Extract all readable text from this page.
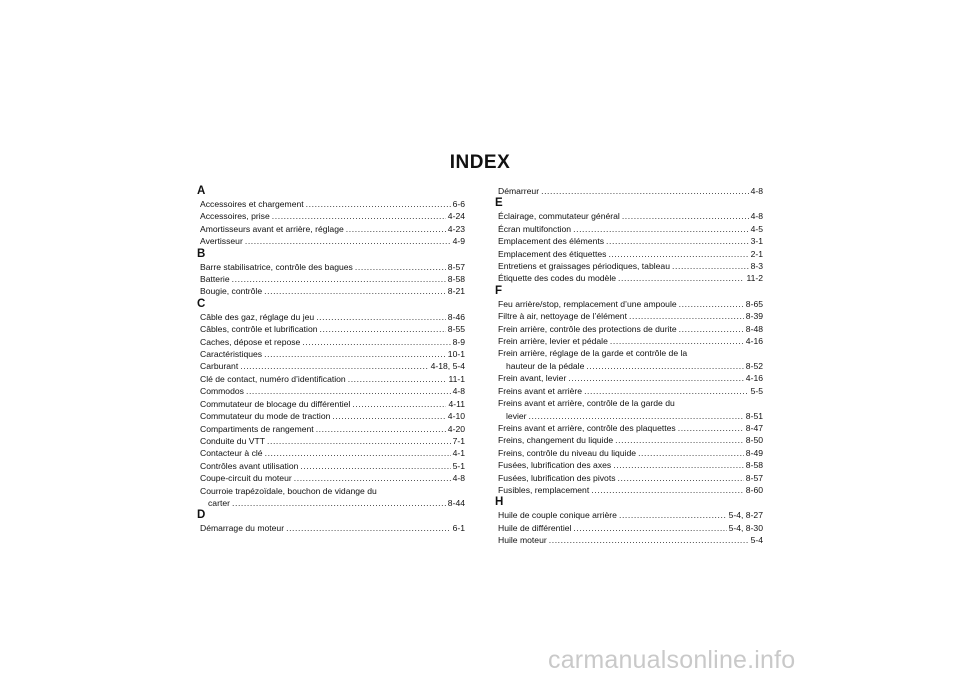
INDEX
A
Accessoires et chargement .....	6-6
Accessoires, prise .....	4-24
Amortisseurs avant et arrière, réglage .....	4-23
Avertisseur .....	4-9
B
Barre stabilisatrice, contrôle des bagues .....	8-57
Batterie .....	8-58
Bougie, contrôle .....	8-21
C
Câble des gaz, réglage du jeu .....	8-46
Câbles, contrôle et lubrification .....	8-55
Caches, dépose et repose .....	8-9
Caractéristiques .....	10-1
Carburant .....	4-18, 5-4
Clé de contact, numéro d’identification .....	11-1
Commodos .....	4-8
Commutateur de blocage du différentiel .....	4-11
Commutateur du mode de traction .....	4-10
Compartiments de rangement .....	4-20
Conduite du VTT .....	7-1
Contacteur à clé .....	4-1
Contrôles avant utilisation .....	5-1
Coupe-circuit du moteur .....	4-8
Courroie trapézoïdale, bouchon de vidange du
carter .....	8-44
D
Démarrage du moteur .....	6-1
Démarreur .....	4-8
E
Éclairage, commutateur général .....	4-8
Écran multifonction .....	4-5
Emplacement des éléments .....	3-1
Emplacement des étiquettes .....	2-1
Entretiens et graissages périodiques, tableau .....	8-3
Étiquette des codes du modèle .....	11-2
F
Feu arrière/stop, remplacement d’une ampoule .....	8-65
Filtre à air, nettoyage de l’élément .....	8-39
Frein arrière, contrôle des protections de durite .....	8-48
Frein arrière, levier et pédale .....	4-16
Frein arrière, réglage de la garde et contrôle de la
hauteur de la pédale .....	8-52
Frein avant, levier .....	4-16
Freins avant et arrière .....	5-5
Freins avant et arrière, contrôle de la garde du
levier .....	8-51
Freins avant et arrière, contrôle des plaquettes .....	8-47
Freins, changement du liquide .....	8-50
Freins, contrôle du niveau du liquide .....	8-49
Fusées, lubrification des axes .....	8-58
Fusées, lubrification des pivots .....	8-57
Fusibles, remplacement .....	8-60
H
Huile de couple conique arrière .....	5-4, 8-27
Huile de différentiel .....	5-4, 8-30
Huile moteur .....	5-4
carmanualsonline.info
